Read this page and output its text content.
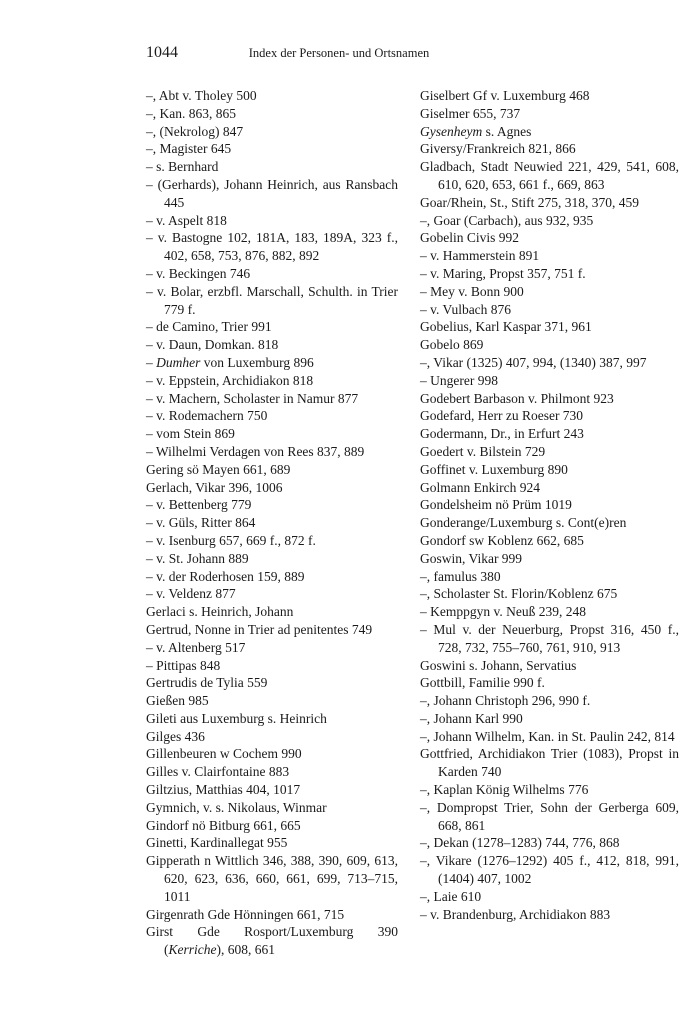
1044	Index der Personen- und Ortsnamen
–, Abt v. Tholey 500
–, Kan. 863, 865
–, (Nekrolog) 847
–, Magister 645
– s. Bernhard
– (Gerhards), Johann Heinrich, aus Ransbach 445
– v. Aspelt 818
– v. Bastogne 102, 181A, 183, 189A, 323 f., 402, 658, 753, 876, 882, 892
– v. Beckingen 746
– v. Bolar, erzbfl. Marschall, Schulth. in Trier 779 f.
– de Camino, Trier 991
– v. Daun, Domkan. 818
– Dumher von Luxemburg 896
– v. Eppstein, Archidiakon 818
– v. Machern, Scholaster in Namur 877
– v. Rodemachern 750
– vom Stein 869
– Wilhelmi Verdagen von Rees 837, 889
Gering sö Mayen 661, 689
Gerlach, Vikar 396, 1006
– v. Bettenberg 779
– v. Güls, Ritter 864
– v. Isenburg 657, 669 f., 872 f.
– v. St. Johann 889
– v. der Roderhosen 159, 889
– v. Veldenz 877
Gerlaci s. Heinrich, Johann
Gertrud, Nonne in Trier ad penitentes 749
– v. Altenberg 517
– Pittipas 848
Gertrudis de Tylia 559
Gießen 985
Gileti aus Luxemburg s. Heinrich
Gilges 436
Gillenbeuren w Cochem 990
Gilles v. Clairfontaine 883
Giltzius, Matthias 404, 1017
Gymnich, v. s. Nikolaus, Winmar
Gindorf nö Bitburg 661, 665
Ginetti, Kardinallegat 955
Gipperath n Wittlich 346, 388, 390, 609, 613, 620, 623, 636, 660, 661, 699, 713–715, 1011
Girgenrath Gde Hönningen 661, 715
Girst Gde Rosport/Luxemburg 390 (Kerriche), 608, 661
Giselbert Gf v. Luxemburg 468
Giselmer 655, 737
Gysenheym s. Agnes
Giversy/Frankreich 821, 866
Gladbach, Stadt Neuwied 221, 429, 541, 608, 610, 620, 653, 661 f., 669, 863
Goar/Rhein, St., Stift 275, 318, 370, 459
–, Goar (Carbach), aus 932, 935
Gobelin Civis 992
– v. Hammerstein 891
– v. Maring, Propst 357, 751 f.
– Mey v. Bonn 900
– v. Vulbach 876
Gobelius, Karl Kaspar 371, 961
Gobelo 869
–, Vikar (1325) 407, 994, (1340) 387, 997
– Ungerer 998
Godebert Barbason v. Philmont 923
Godefard, Herr zu Roeser 730
Godermann, Dr., in Erfurt 243
Goedert v. Bilstein 729
Goffinet v. Luxemburg 890
Golmann Enkirch 924
Gondelsheim nö Prüm 1019
Gonderange/Luxemburg s. Cont(e)ren
Gondorf sw Koblenz 662, 685
Goswin, Vikar 999
–, famulus 380
–, Scholaster St. Florin/Koblenz 675
– Kemppgyn v. Neuß 239, 248
– Mul v. der Neuerburg, Propst 316, 450 f., 728, 732, 755–760, 761, 910, 913
Goswini s. Johann, Servatius
Gottbill, Familie 990 f.
–, Johann Christoph 296, 990 f.
–, Johann Karl 990
–, Johann Wilhelm, Kan. in St. Paulin 242, 814
Gottfried, Archidiakon Trier (1083), Propst in Karden 740
–, Kaplan König Wilhelms 776
–, Dompropst Trier, Sohn der Gerberga 609, 668, 861
–, Dekan (1278–1283) 744, 776, 868
–, Vikare (1276–1292) 405 f., 412, 818, 991, (1404) 407, 1002
–, Laie 610
– v. Brandenburg, Archidiakon 883
